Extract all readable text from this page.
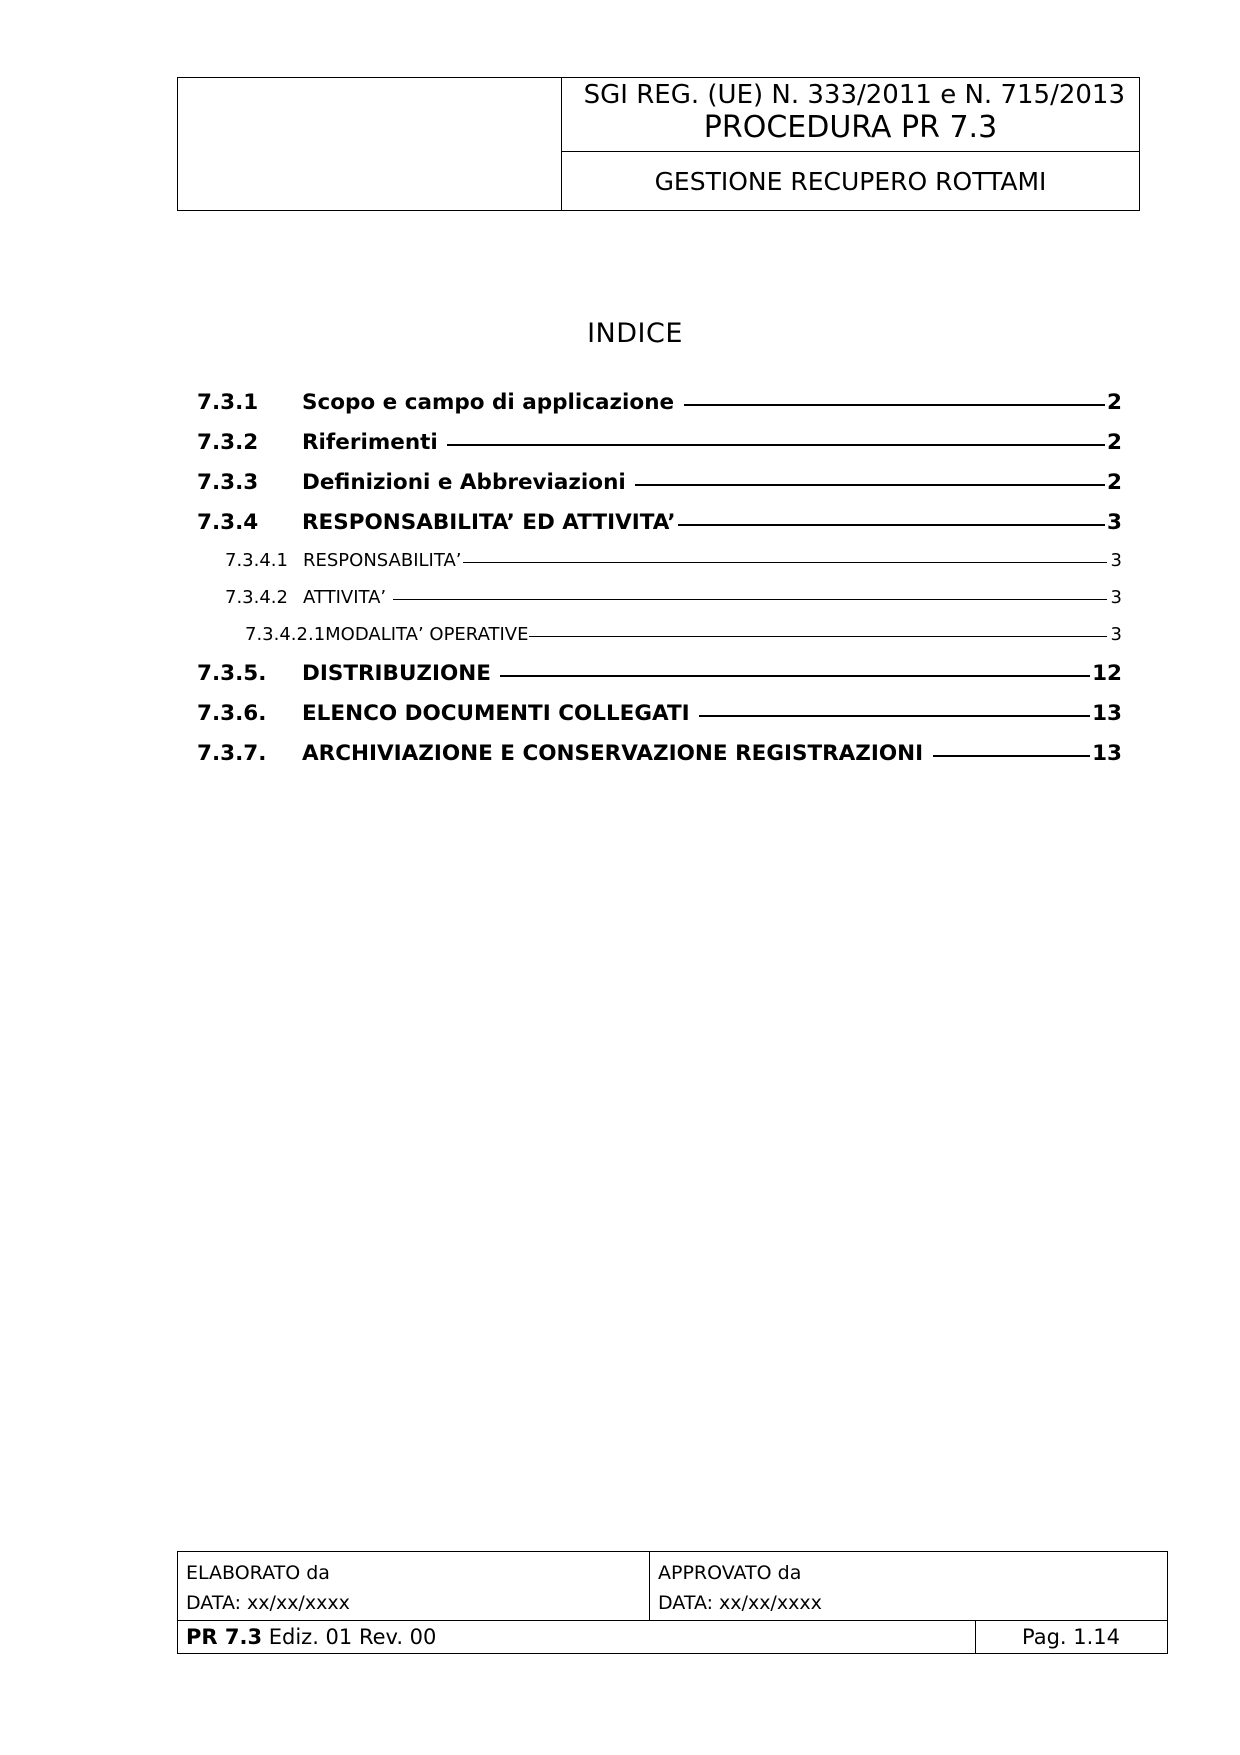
SGI REG. (UE) N. 333/2011 e N. 715/2013
PROCEDURA PR 7.3
GESTIONE RECUPERO ROTTAMI
INDICE
7.3.1	Scopo e campo di applicazione	2
7.3.2	Riferimenti	2
7.3.3	Definizioni e Abbreviazioni	2
7.3.4	RESPONSABILITA’ ED ATTIVITA’	3
7.3.4.1 RESPONSABILITA’	3
7.3.4.2 ATTIVITA’	3
7.3.4.2.1 MODALITA’ OPERATIVE	3
7.3.5.	DISTRIBUZIONE	12
7.3.6.	ELENCO DOCUMENTI COLLEGATI	13
7.3.7.	ARCHIVIAZIONE E CONSERVAZIONE REGISTRAZIONI	13
ELABORATO da
DATA: xx/xx/xxxx
APPROVATO da
DATA: xx/xx/xxxx
PR 7.3 Ediz. 01 Rev. 00	Pag. 1.14
